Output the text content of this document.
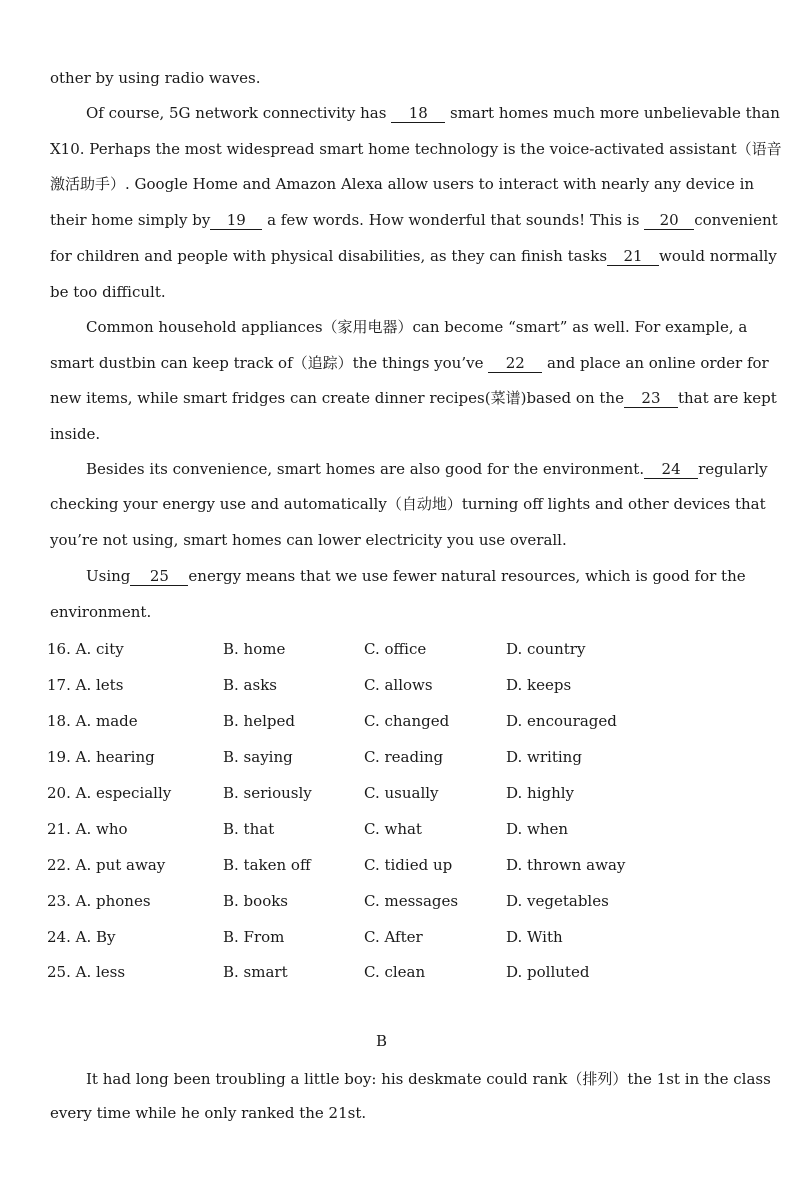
other by using radio waves.
Of course, 5G network connectivity has 18 smart homes much more unbelievable than
X10. Perhaps the most widespread smart home technology is the voice-activated assistant（语音
激活助手）. Google Home and Amazon Alexa allow users to interact with nearly any device in
their home simply by 19 a few words. How wonderful that sounds! This is 20 convenient
for children and people with physical disabilities, as they can finish tasks 21 would normally
be too difficult.
Common household appliances（家用电器）can become “smart” as well. For example, a
smart dustbin can keep track of（追踪）the things you’ve 22 and place an online order for
new items, while smart fridges can create dinner recipes(菜谱)based on the 23 that are kept
inside.
Besides its convenience, smart homes are also good for the environment. 24 regularly
checking your energy use and automatically（自动地）turning off lights and other devices that
you’re not using, smart homes can lower electricity you use overall.
Using 25 energy means that we use fewer natural resources, which is good for the
environment.
16. A. city	B. home	C. office	D. country
17. A. lets	B. asks	C. allows	D. keeps
18. A. made	B. helped	C. changed	D. encouraged
19. A. hearing	B. saying	C. reading	D. writing
20. A. especially	B. seriously	C. usually	D. highly
21. A. who	B. that	C. what	D. when
22. A. put away	B. taken off	C. tidied up	D. thrown away
23. A. phones	B. books	C. messages	D. vegetables
24. A. By	B. From	C. After	D. With
25. A. less	B. smart	C. clean	D. polluted
B
It had long been troubling a little boy: his deskmate could rank（排列）the 1st in the class
every time while he only ranked the 21st.
